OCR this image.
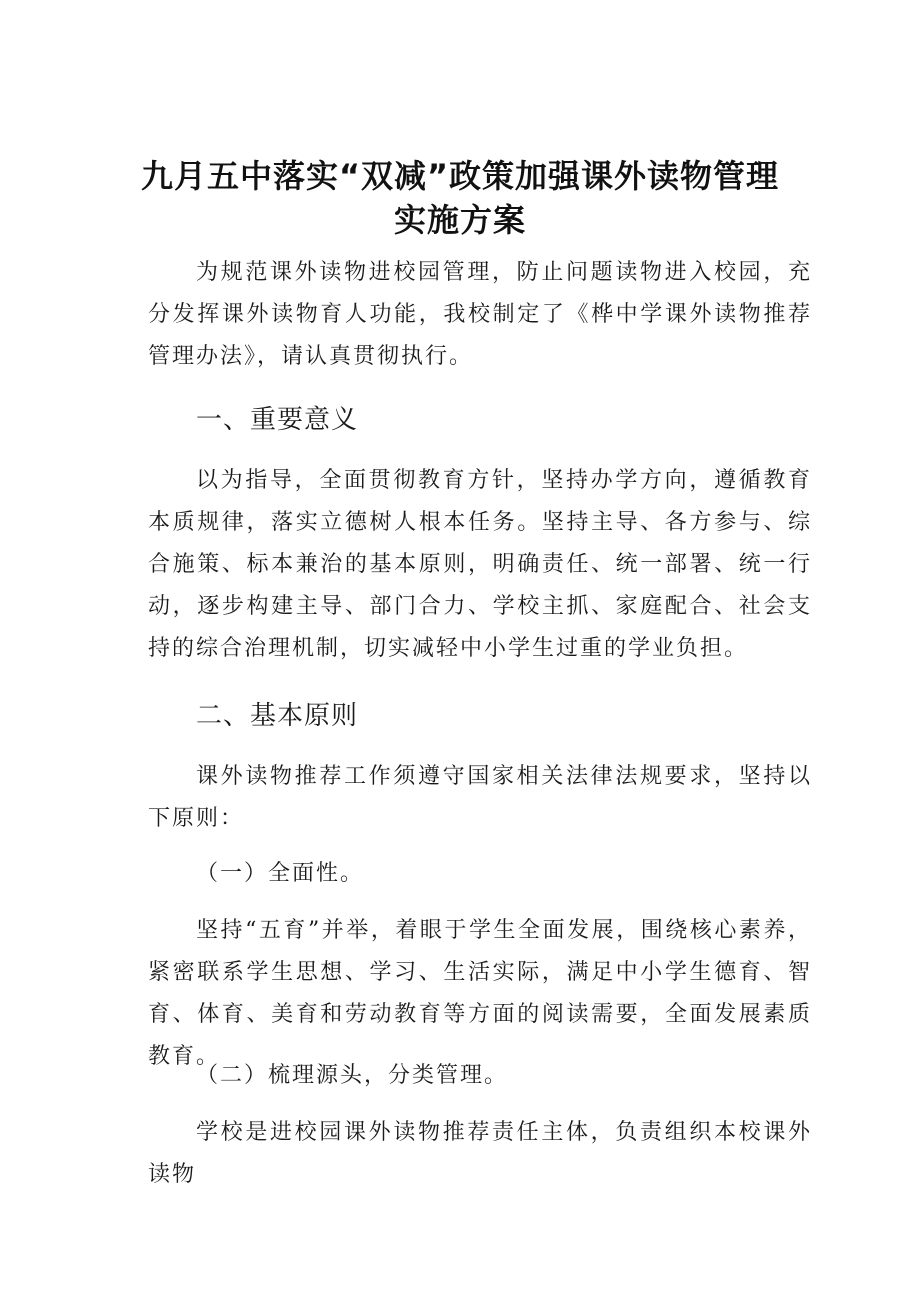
九月五中落实“双减”政策加强课外读物管理
实施方案
为规范课外读物进校园管理，防止问题读物进入校园，充分发挥课外读物育人功能，我校制定了《桦中学课外读物推荐管理办法》，请认真贯彻执行。
一、重要意义
以为指导，全面贯彻教育方针，坚持办学方向，遵循教育本质规律，落实立德树人根本任务。坚持主导、各方参与、综合施策、标本兼治的基本原则，明确责任、统一部署、统一行动，逐步构建主导、部门合力、学校主抓、家庭配合、社会支持的综合治理机制，切实减轻中小学生过重的学业负担。
二、基本原则
课外读物推荐工作须遵守国家相关法律法规要求，坚持以下原则：
（一）全面性。
坚持“五育”并举，着眼于学生全面发展，围绕核心素养，紧密联系学生思想、学习、生活实际，满足中小学生德育、智育、体育、美育和劳动教育等方面的阅读需要，全面发展素质教育。
（二）梳理源头，分类管理。
学校是进校园课外读物推荐责任主体，负责组织本校课外读物
